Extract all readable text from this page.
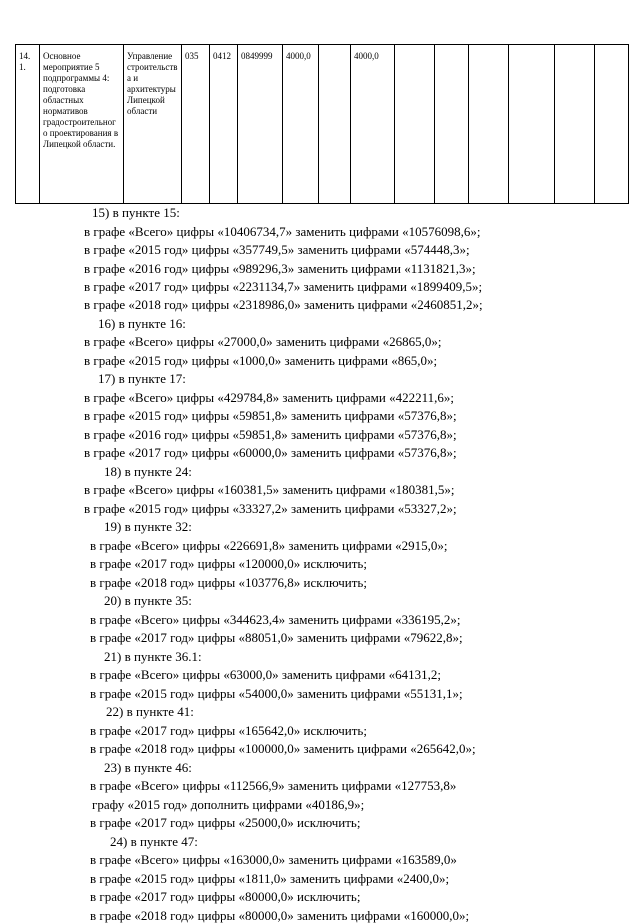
14.
1.	Основное мероприятие 5 подпрограммы 4: подготовка областных нормативов градостроительного проектирования в Липецкой области.	Управление строительства и архитектуры Липецкой области	035	0412	0849999	4000,0		4000,0						
15) в пункте 15:
в графе «Всего» цифры «10406734,7» заменить цифрами «10576098,6»;
в графе «2015 год» цифры «357749,5» заменить цифрами «574448,3»;
в графе «2016 год» цифры «989296,3» заменить цифрами «1131821,3»;
в графе «2017 год» цифры «2231134,7» заменить цифрами «1899409,5»;
в графе «2018 год» цифры «2318986,0» заменить цифрами «2460851,2»;
16) в пункте 16:
в графе «Всего» цифры «27000,0» заменить цифрами «26865,0»;
в графе «2015 год» цифры «1000,0» заменить цифрами «865,0»;
17) в пункте 17:
в графе «Всего» цифры «429784,8» заменить цифрами «422211,6»;
в графе «2015 год» цифры «59851,8» заменить цифрами «57376,8»;
в графе «2016 год» цифры «59851,8» заменить цифрами «57376,8»;
в графе «2017 год» цифры «60000,0» заменить цифрами «57376,8»;
18) в пункте 24:
в графе «Всего» цифры «160381,5» заменить цифрами «180381,5»;
в графе «2015 год» цифры «33327,2» заменить цифрами «53327,2»;
19) в пункте 32:
в графе «Всего» цифры «226691,8» заменить цифрами «2915,0»;
в графе «2017 год» цифры «120000,0» исключить;
в графе «2018 год» цифры «103776,8» исключить;
20) в пункте 35:
в графе «Всего» цифры «344623,4» заменить цифрами «336195,2»;
в графе «2017 год» цифры «88051,0» заменить цифрами «79622,8»;
21) в пункте 36.1:
в графе «Всего» цифры «63000,0» заменить цифрами «64131,2;
в графе «2015 год» цифры «54000,0» заменить цифрами «55131,1»;
22) в пункте 41:
в графе «2017 год» цифры «165642,0» исключить;
в графе «2018 год» цифры «100000,0» заменить цифрами «265642,0»;
23) в пункте 46:
в графе «Всего» цифры «112566,9» заменить цифрами «127753,8»
графу «2015 год» дополнить цифрами «40186,9»;
в графе «2017 год» цифры «25000,0» исключить;
24) в пункте 47:
в графе «Всего» цифры «163000,0» заменить цифрами «163589,0»
в графе «2015 год» цифры «1811,0» заменить цифрами «2400,0»;
в графе «2017 год» цифры «80000,0» исключить;
в графе «2018 год» цифры «80000,0» заменить цифрами «160000,0»;
